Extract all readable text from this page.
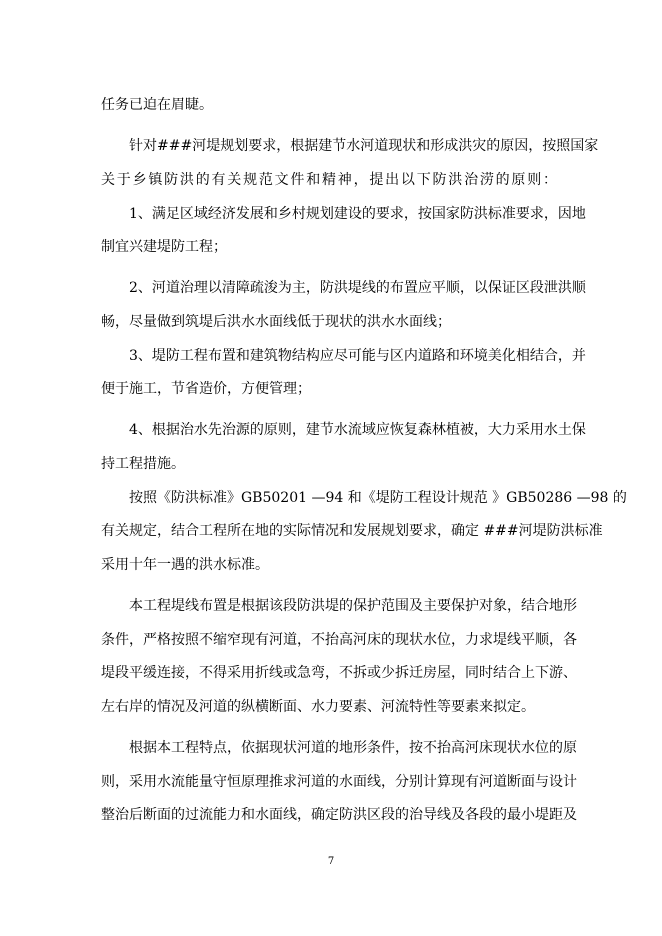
任务已迫在眉睫。

针对###河堤规划要求，根据建节水河道现状和形成洪灾的原因，按照国家

关于乡镇防洪的有关规范文件和精神，提出以下防洪治涝的原则：

1、满足区域经济发展和乡村规划建设的要求，按国家防洪标准要求，因地

制宜兴建堤防工程；

2、河道治理以清障疏浚为主，防洪堤线的布置应平顺，以保证区段泄洪顺

畅，尽量做到筑堤后洪水水面线低于现状的洪水水面线；

3、堤防工程布置和建筑物结构应尽可能与区内道路和环境美化相结合，并

便于施工，节省造价，方便管理；

4、根据治水先治源的原则，建节水流域应恢复森林植被，大力采用水土保

持工程措施。

按照《防洪标准》GB50201 —94 和《堤防工程设计规范 》GB50286 —98 的

有关规定，结合工程所在地的实际情况和发展规划要求，确定 ###河堤防洪标准

采用十年一遇的洪水标准。

本工程堤线布置是根据该段防洪堤的保护范围及主要保护对象，结合地形

条件，严格按照不缩窄现有河道，不抬高河床的现状水位，力求堤线平顺，各

堤段平缓连接，不得采用折线或急弯，不拆或少拆迁房屋，同时结合上下游、

左右岸的情况及河道的纵横断面、水力要素、河流特性等要素来拟定。

根据本工程特点，依据现状河道的地形条件，按不抬高河床现状水位的原

则，采用水流能量守恒原理推求河道的水面线，分别计算现有河道断面与设计

整治后断面的过流能力和水面线，确定防洪区段的治导线及各段的最小堤距及

7
